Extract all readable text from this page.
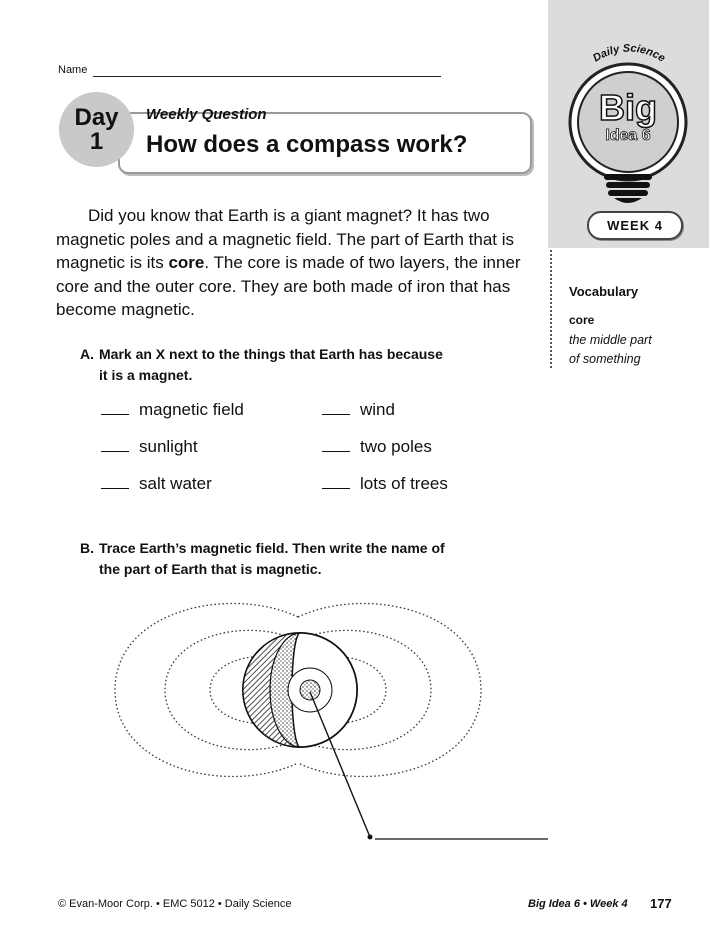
Name
Day
1
Weekly Question
How does a compass work?

Did you know that Earth is a giant magnet? It has two magnetic poles and a magnetic field. The part of Earth that is magnetic is its core. The core is made of two layers, the inner core and the outer core. They are both made of iron that has become magnetic.

A. Mark an X next to the things that Earth has because
it is a magnet.
magnetic field	wind
sunlight	two poles
salt water	lots of trees
B. Trace Earth’s magnetic field. Then write the name of
the part of Earth that is magnetic.
Daily Science
Big
Idea 6
WEEK 4
Vocabulary
core
the middle part
of something
© Evan-Moor Corp. • EMC 5012 • Daily Science	Big Idea 6 • Week 4 177
